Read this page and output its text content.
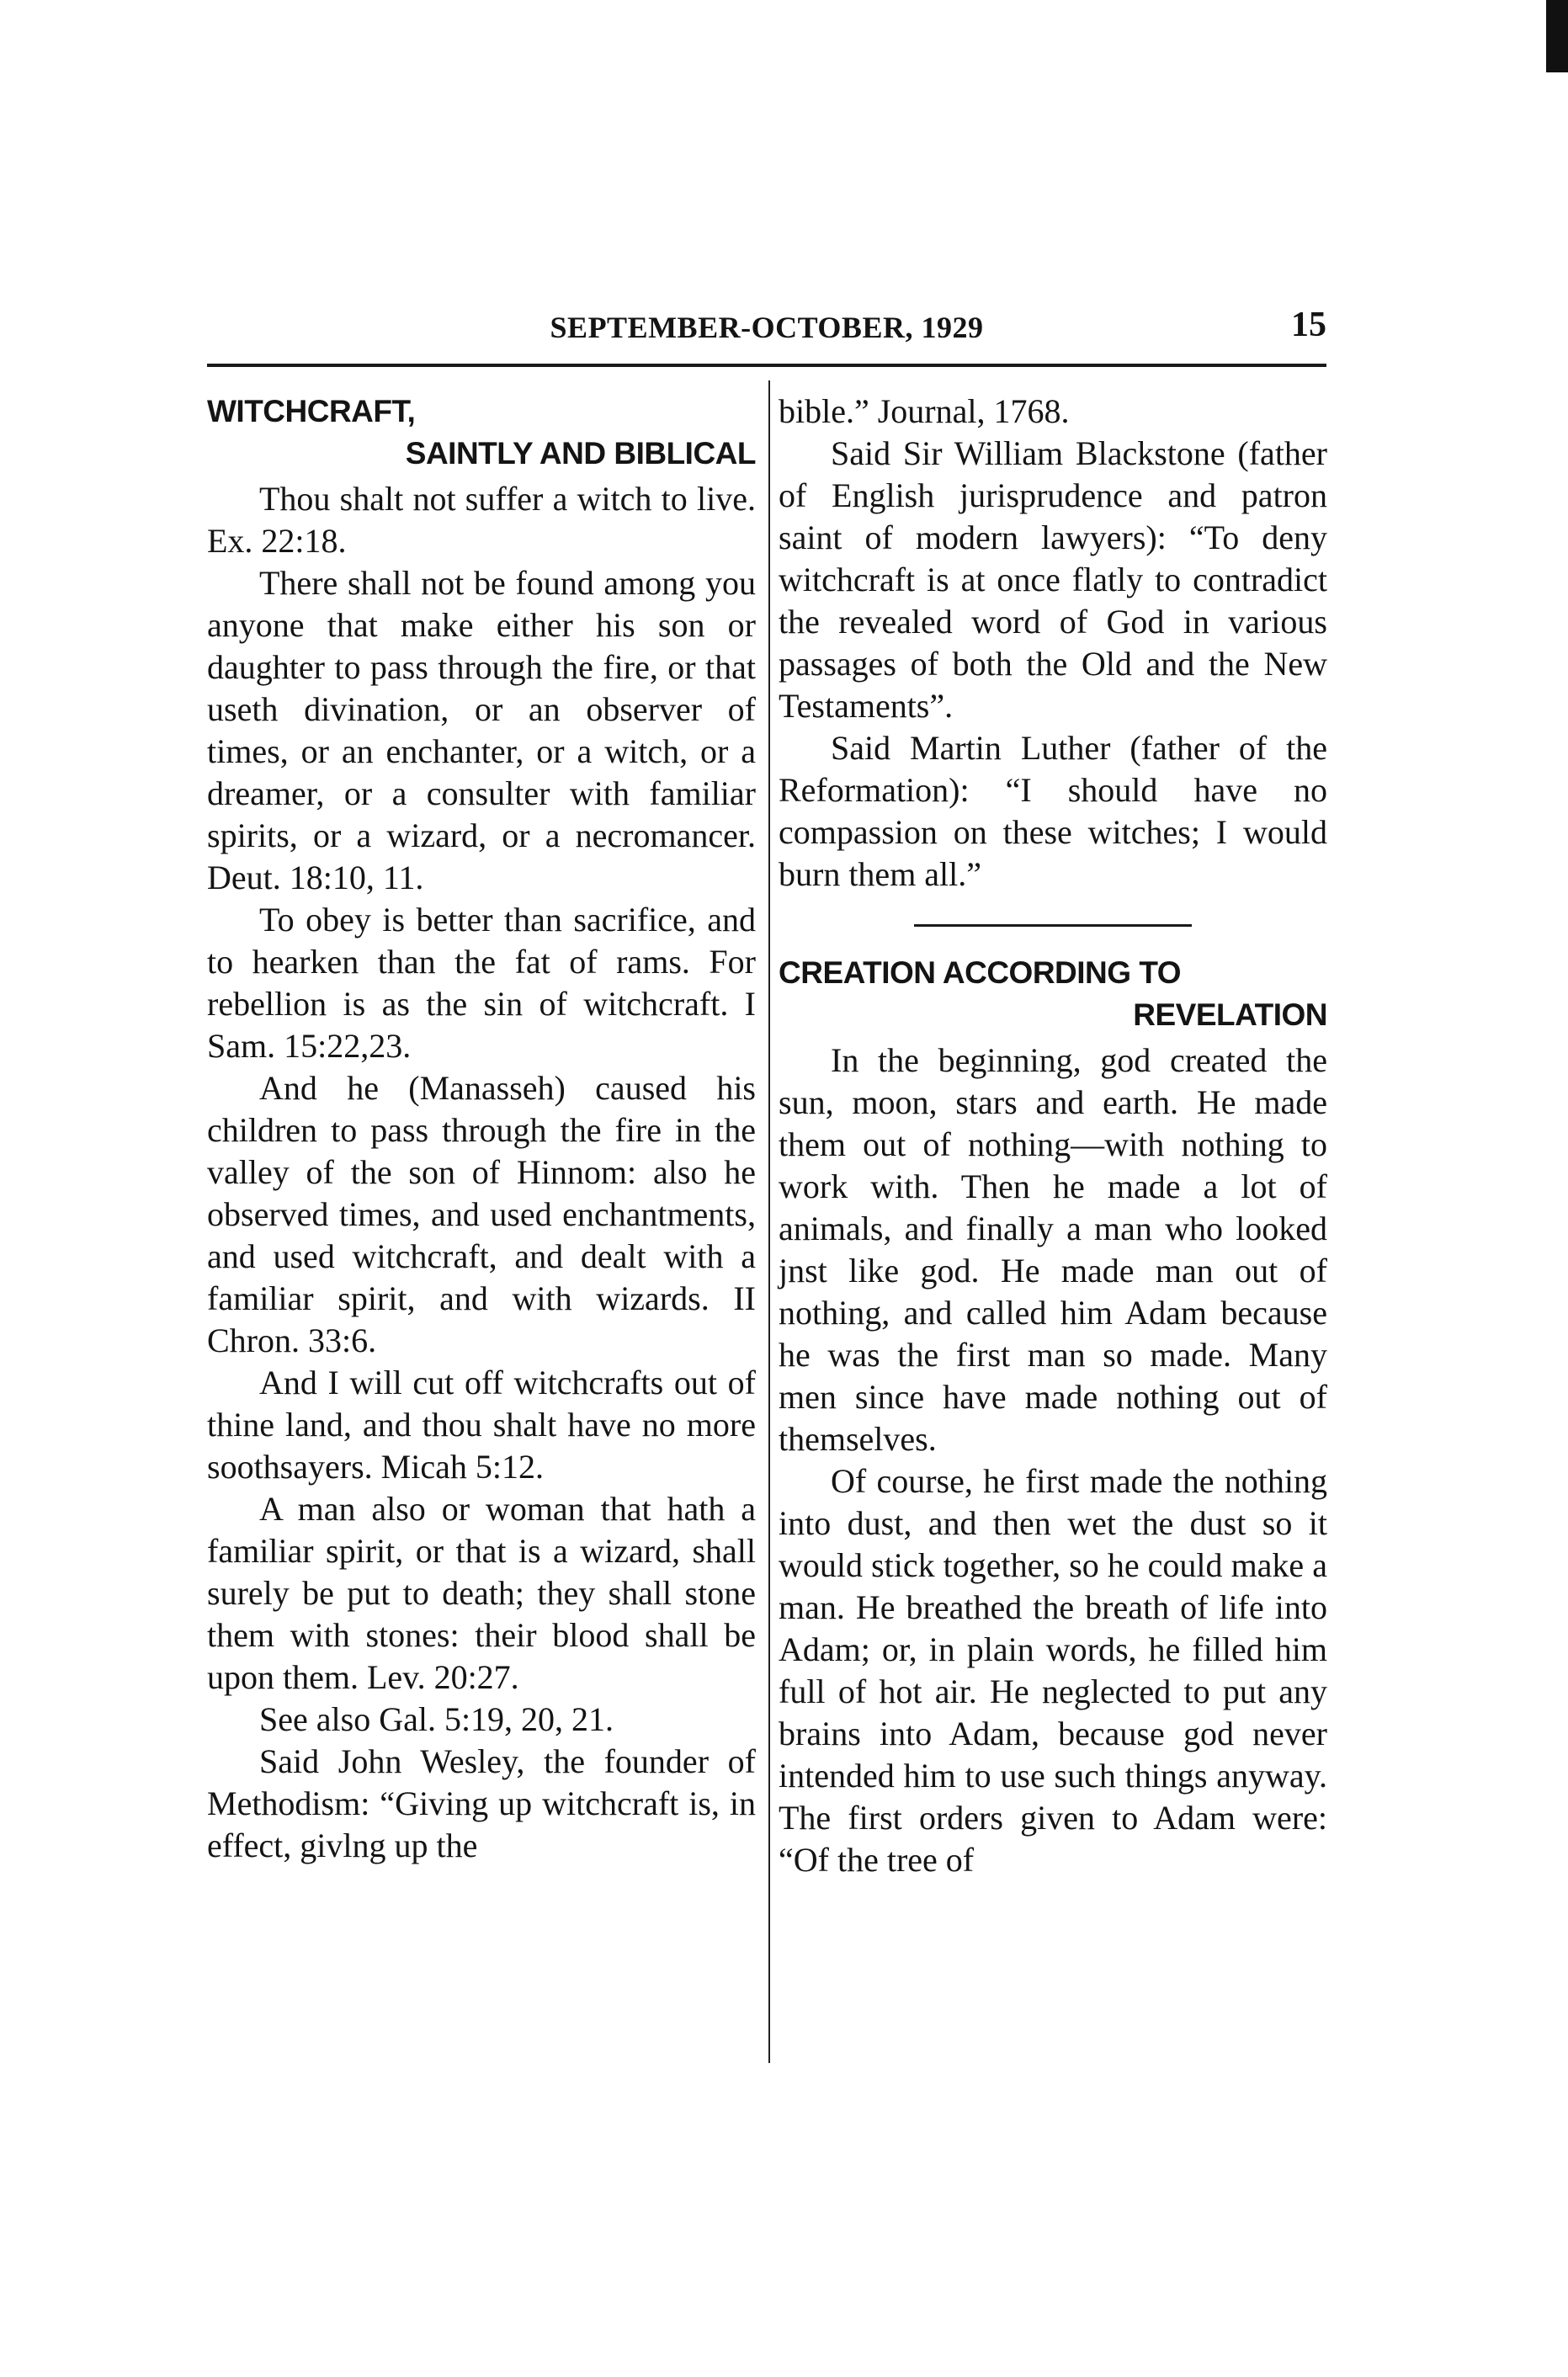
SEPTEMBER-OCTOBER, 1929	15
WITCHCRAFT,
SAINTLY AND BIBLICAL

Thou shalt not suffer a witch to live. Ex. 22:18.

There shall not be found among you anyone that make either his son or daughter to pass through the fire, or that useth divination, or an observer of times, or an enchanter, or a witch, or a dreamer, or a consulter with familiar spirits, or a wizard, or a necromancer. Deut. 18:10, 11.

To obey is better than sacrifice, and to hearken than the fat of rams. For rebellion is as the sin of witchcraft. I Sam. 15:22,23.

And he (Manasseh) caused his children to pass through the fire in the valley of the son of Hinnom: also he observed times, and used enchantments, and used witchcraft, and dealt with a familiar spirit, and with wizards. II Chron. 33:6.

And I will cut off witchcrafts out of thine land, and thou shalt have no more soothsayers. Micah 5:12.

A man also or woman that hath a familiar spirit, or that is a wizard, shall surely be put to death; they shall stone them with stones: their blood shall be upon them. Lev. 20:27.

See also Gal. 5:19, 20, 21.

Said John Wesley, the founder of Methodism: “Giving up witchcraft is, in effect, givlng up the

bible.” Journal, 1768.

Said Sir William Blackstone (father of English jurisprudence and patron saint of modern lawyers): “To deny witchcraft is at once flatly to contradict the revealed word of God in various passages of both the Old and the New Testaments”.

Said Martin Luther (father of the Reformation): “I should have no compassion on these witches; I would burn them all.”

CREATION ACCORDING TO
REVELATION

In the beginning, god created the sun, moon, stars and earth. He made them out of nothing—with nothing to work with. Then he made a lot of animals, and finally a man who looked jnst like god. He made man out of nothing, and called him Adam because he was the first man so made. Many men since have made nothing out of themselves.

Of course, he first made the nothing into dust, and then wet the dust so it would stick together, so he could make a man. He breathed the breath of life into Adam; or, in plain words, he filled him full of hot air. He neglected to put any brains into Adam, because god never intended him to use such things anyway. The first orders given to Adam were: “Of the tree of
